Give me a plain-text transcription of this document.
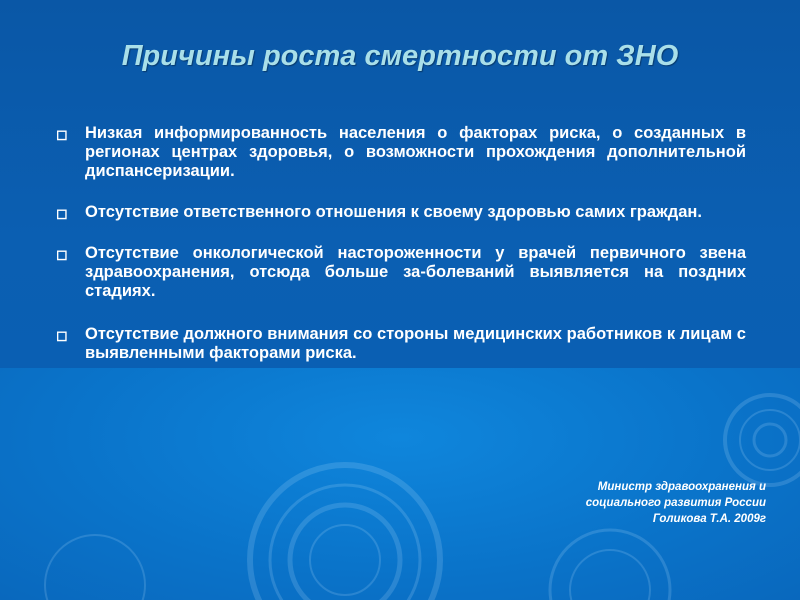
Причины роста смертности от ЗНО
◻ Низкая информированность населения о факторах риска, о созданных в регионах центрах здоровья, о возможности прохождения дополнительной диспансеризации.
◻ Отсутствие ответственного отношения к своему здоровью самих граждан.
◻ Отсутствие онкологической настороженности у врачей первичного звена здравоохранения, отсюда больше за-болеваний выявляется на поздних стадиях.
◻ Отсутствие должного внимания со стороны медицинских работников к лицам с выявленными факторами риска.
Министр здравоохранения и
социального развития России
Голикова Т.А. 2009г
